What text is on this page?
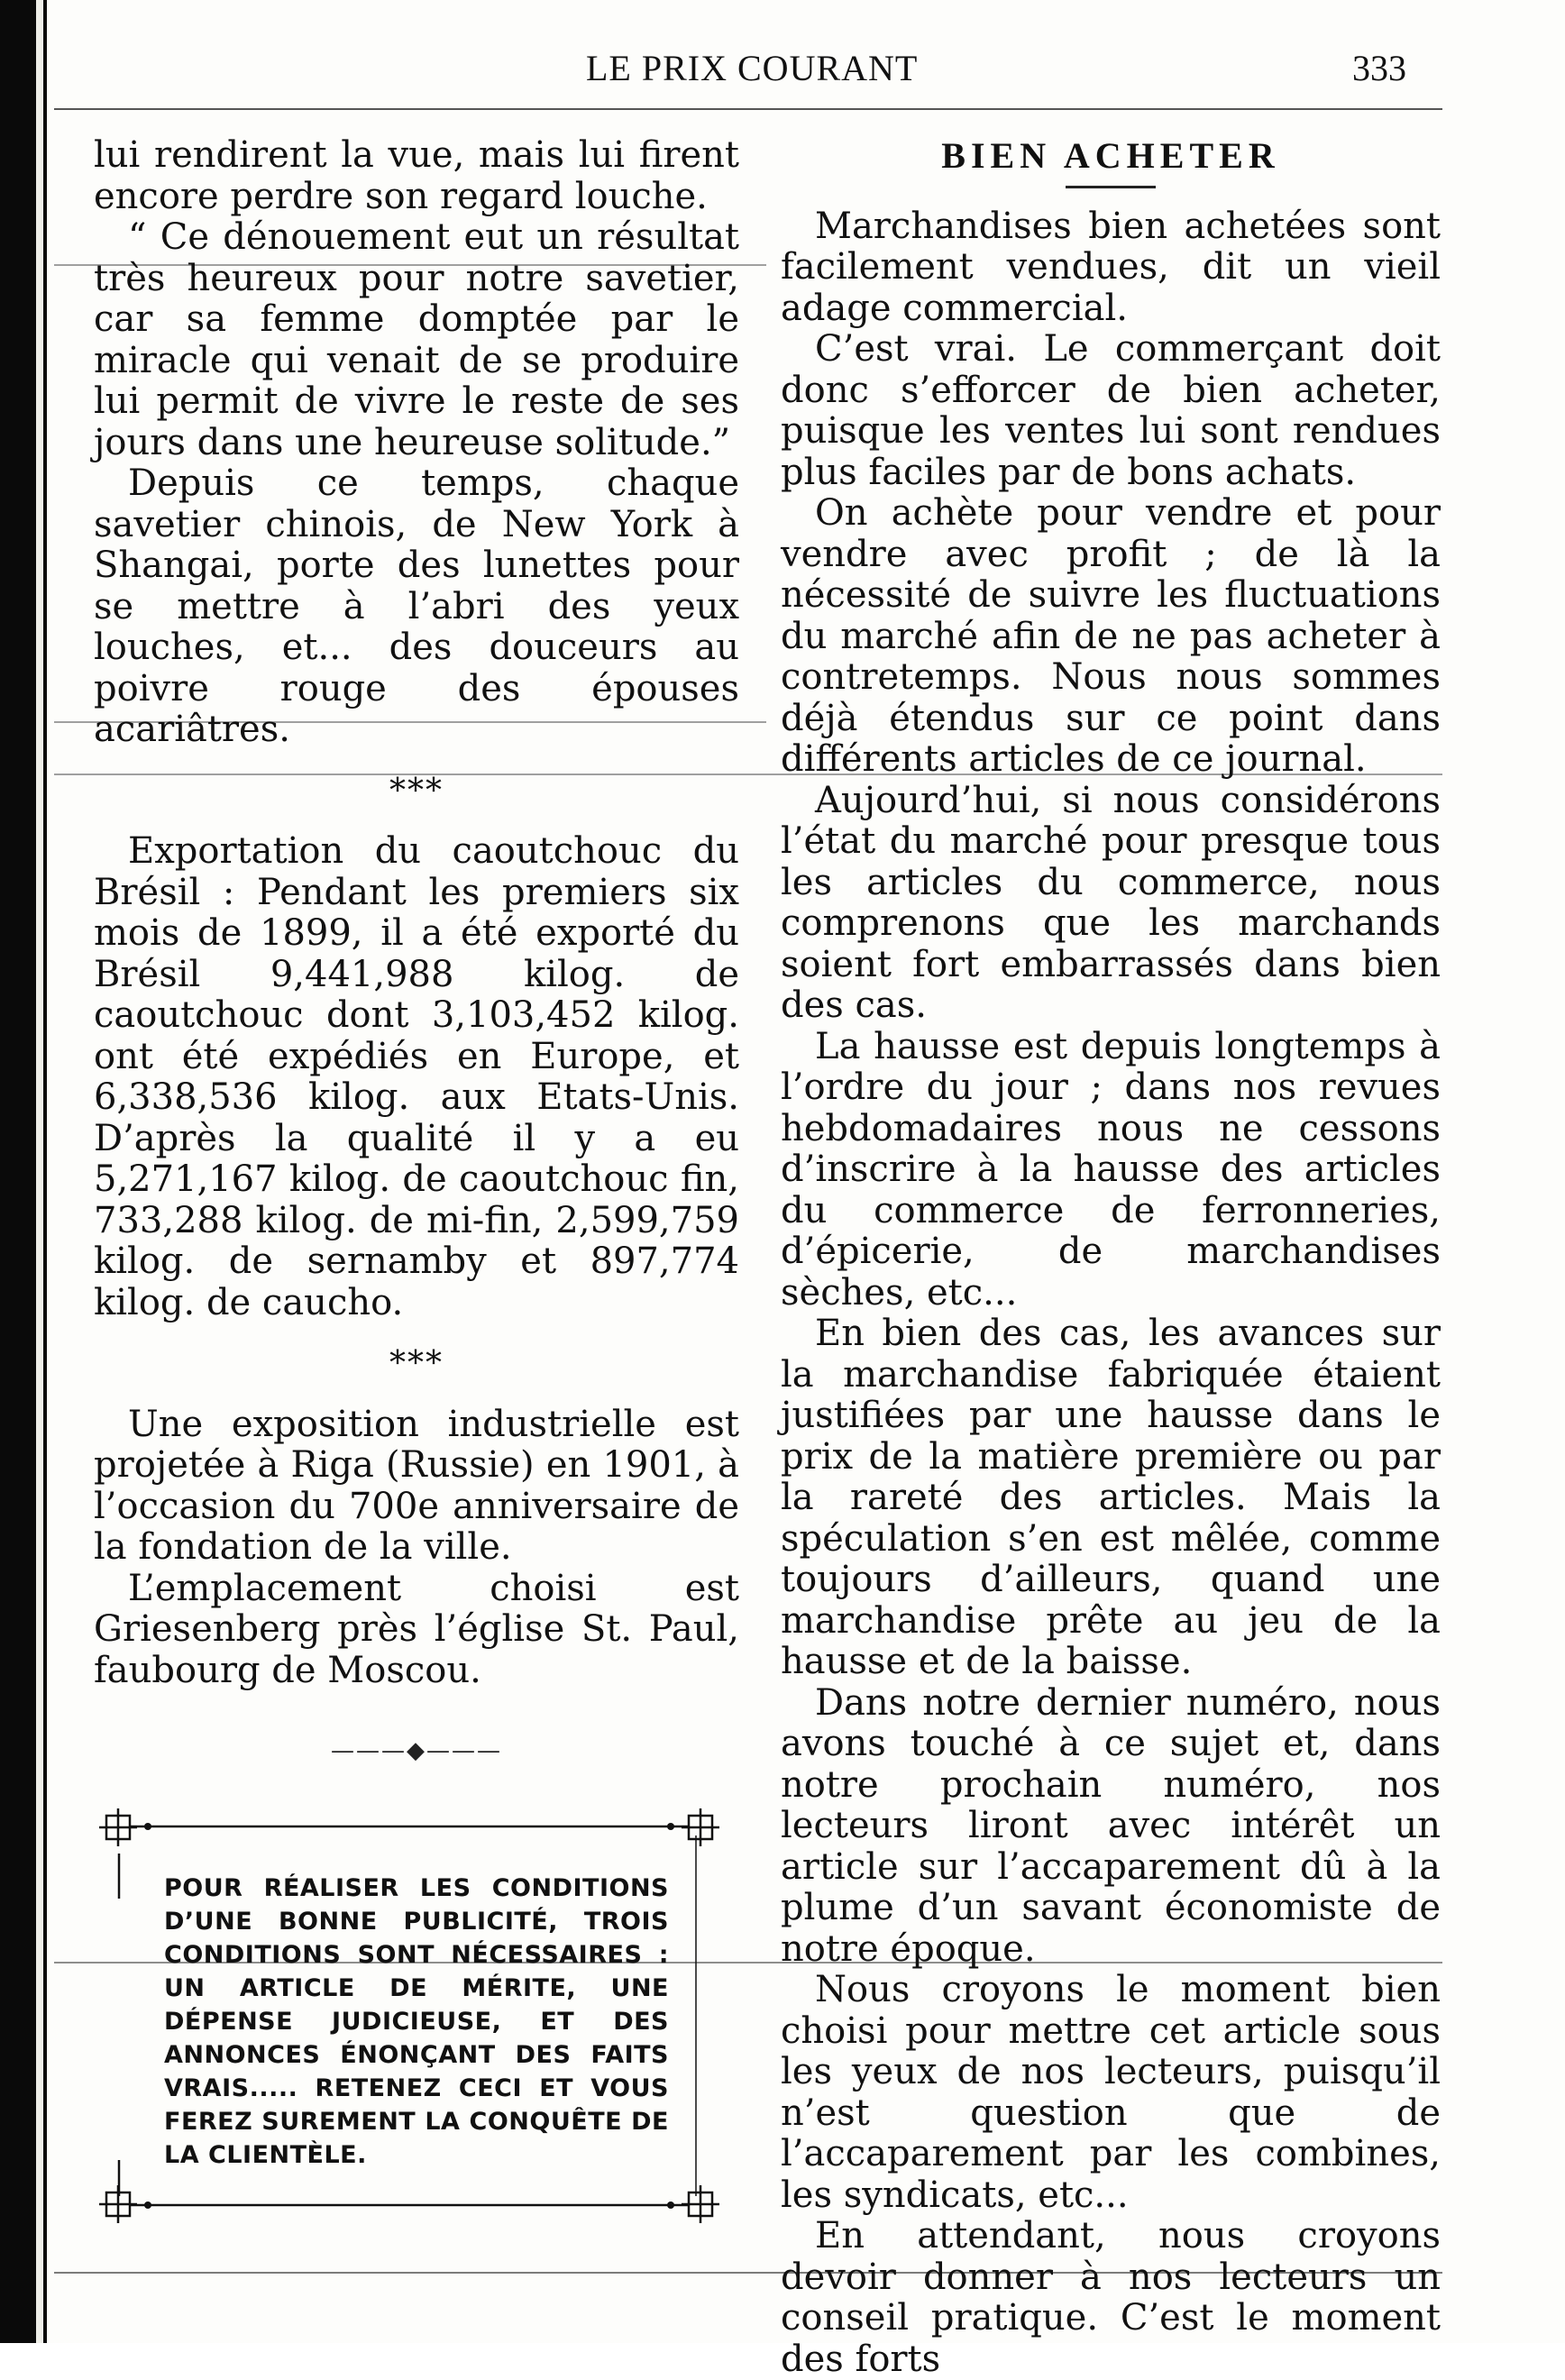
LE PRIX COURANT	333

lui rendirent la vue, mais lui firent encore perdre son regard louche.

“ Ce dénouement eut un résultat très heureux pour notre savetier, car sa femme domptée par le miracle qui venait de se produire lui permit de vivre le reste de ses jours dans une heureuse solitude.”

Depuis ce temps, chaque savetier chinois, de New York à Shangai, porte des lunettes pour se mettre à l’abri des yeux louches, et... des douceurs au poivre rouge des épouses acariâtres.

***

Exportation du caoutchouc du Brésil : Pendant les premiers six mois de 1899, il a été exporté du Brésil 9,441,988 kilog. de caoutchouc dont 3,103,452 kilog. ont été expédiés en Europe, et 6,338,536 kilog. aux Etats-Unis. D’après la qualité il y a eu 5,271,167 kilog. de caoutchouc fin, 733,288 kilog. de mi-fin, 2,599,759 kilog. de sernamby et 897,774 kilog. de caucho.

***

Une exposition industrielle est projetée à Riga (Russie) en 1901, à l’occasion du 700e anniversaire de la fondation de la ville.

L’emplacement choisi est Griesenberg près l’église St. Paul, faubourg de Moscou.

———◆———
POUR RÉALISER LES CONDITIONS D’UNE BONNE PUBLICITÉ, TROIS CONDITIONS SONT NÉCESSAIRES : UN ARTICLE DE MÉRITE, UNE DÉPENSE JUDICIEUSE, ET DES ANNONCES ÉNONÇANT DES FAITS VRAIS..... RETENEZ CECI ET VOUS FEREZ SUREMENT LA CONQUÊTE DE LA CLIENTÈLE.
BIEN ACHETER

Marchandises bien achetées sont facilement vendues, dit un vieil adage commercial.

C’est vrai. Le commerçant doit donc s’efforcer de bien acheter, puisque les ventes lui sont rendues plus faciles par de bons achats.

On achète pour vendre et pour vendre avec profit ; de là la nécessité de suivre les fluctuations du marché afin de ne pas acheter à contretemps. Nous nous sommes déjà étendus sur ce point dans différents articles de ce journal.

Aujourd’hui, si nous considérons l’état du marché pour presque tous les articles du commerce, nous comprenons que les marchands soient fort embarrassés dans bien des cas.

La hausse est depuis longtemps à l’ordre du jour ; dans nos revues hebdomadaires nous ne cessons d’inscrire à la hausse des articles du commerce de ferronneries, d’épicerie, de marchandises sèches, etc...

En bien des cas, les avances sur la marchandise fabriquée étaient justifiées par une hausse dans le prix de la matière première ou par la rareté des articles. Mais la spéculation s’en est mêlée, comme toujours d’ailleurs, quand une marchandise prête au jeu de la hausse et de la baisse.

Dans notre dernier numéro, nous avons touché à ce sujet et, dans notre prochain numéro, nos lecteurs liront avec intérêt un article sur l’accaparement dû à la plume d’un savant économiste de notre époque.

Nous croyons le moment bien choisi pour mettre cet article sous les yeux de nos lecteurs, puisqu’il n’est question que de l’accaparement par les combines, les syndicats, etc...

En attendant, nous croyons devoir donner à nos lecteurs un conseil pratique. C’est le moment des forts
